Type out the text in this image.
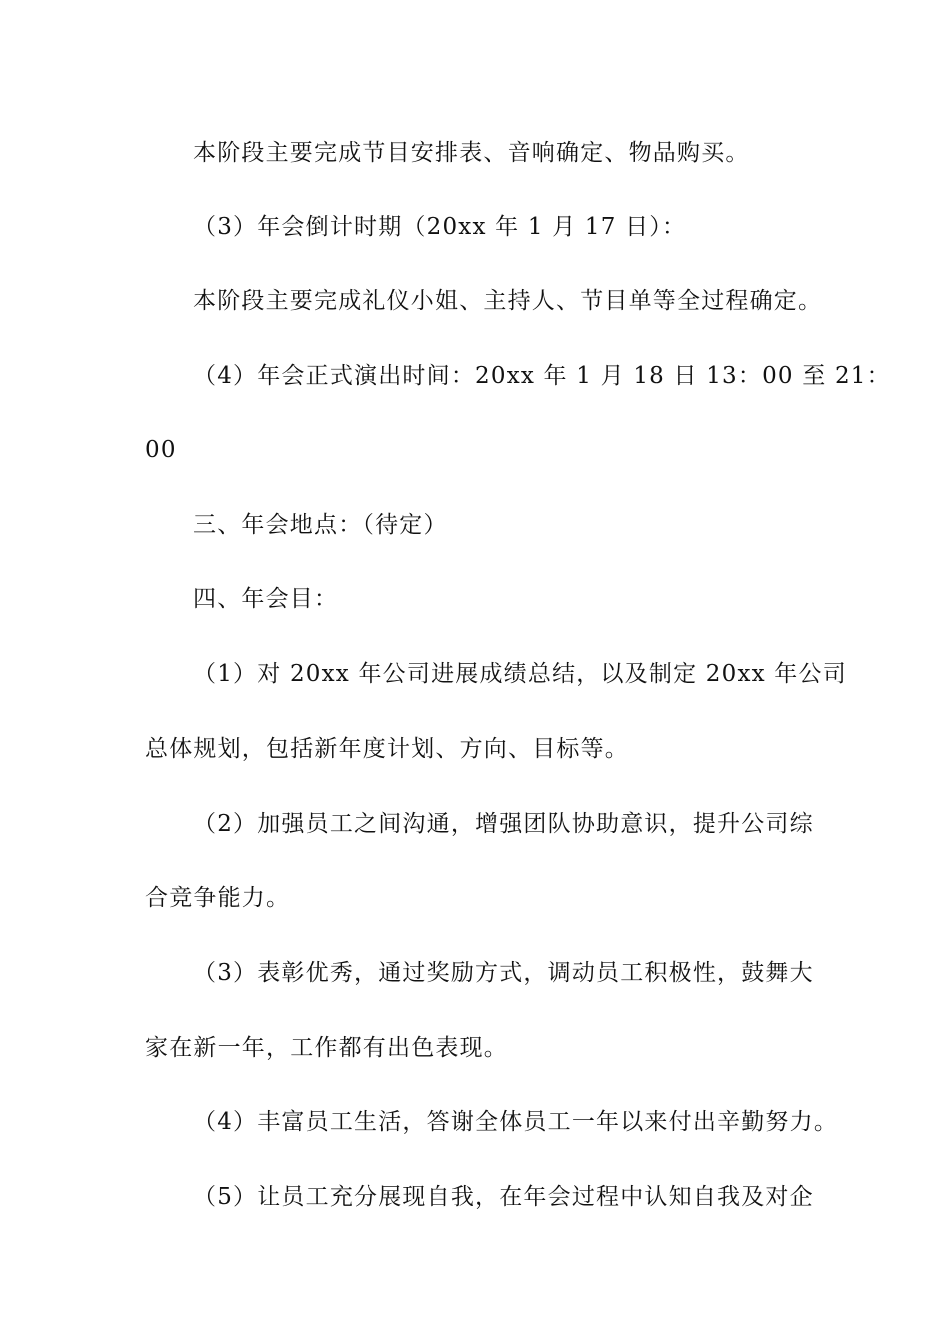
本阶段主要完成节目安排表、音响确定、物品购买。

（3）年会倒计时期（20xx 年 1 月 17 日）：

本阶段主要完成礼仪小姐、主持人、节目单等全过程确定。

（4）年会正式演出时间：20xx 年 1 月 18 日 13：00 至 21：

00

三、年会地点：（待定）

四、年会目：

（1）对 20xx 年公司进展成绩总结，以及制定 20xx 年公司

总体规划，包括新年度计划、方向、目标等。

（2）加强员工之间沟通，增强团队协助意识，提升公司综

合竞争能力。

（3）表彰优秀，通过奖励方式，调动员工积极性，鼓舞大

家在新一年，工作都有出色表现。

（4）丰富员工生活，答谢全体员工一年以来付出辛勤努力。

（5）让员工充分展现自我，在年会过程中认知自我及对企
